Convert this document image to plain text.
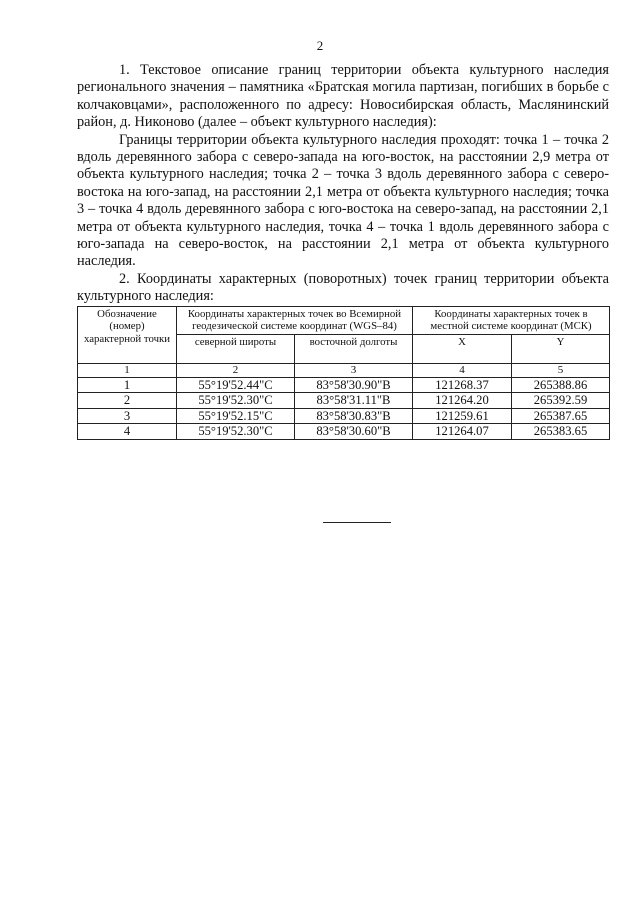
2

1. Текстовое описание границ территории объекта культурного наследия регионального значения – памятника «Братская могила партизан, погибших в борьбе с колчаковцами», расположенного по адресу: Новосибирская область, Маслянинский район, д. Никоново (далее – объект культурного наследия):

Границы территории объекта культурного наследия проходят: точка 1 – точка 2 вдоль деревянного забора с северо-запада на юго-восток, на расстоянии 2,9 метра от объекта культурного наследия; точка 2 – точка 3 вдоль деревянного забора с северо-востока на юго-запад, на расстоянии 2,1 метра от объекта культурного наследия; точка 3 – точка 4 вдоль деревянного забора с юго-востока на северо-запад, на расстоянии 2,1 метра от объекта культурного наследия, точка 4 – точка 1 вдоль деревянного забора с юго-запада на северо-восток, на расстоянии 2,1 метра от объекта культурного наследия.

2. Координаты характерных (поворотных) точек границ территории объекта культурного наследия:

Обозначение (номер) характерной точки	Координаты характерных точек во Всемирной геодезической системе координат (WGS–84)		Координаты характерных точек в местной системе координат (МСК)	
	северной широты	восточной долготы	X	Y
1	2	3	4	5
1	55°19'52.44"С	83°58'30.90"В	121268.37	265388.86
2	55°19'52.30"С	83°58'31.11"В	121264.20	265392.59
3	55°19'52.15"С	83°58'30.83"В	121259.61	265387.65
4	55°19'52.30"С	83°58'30.60"В	121264.07	265383.65
